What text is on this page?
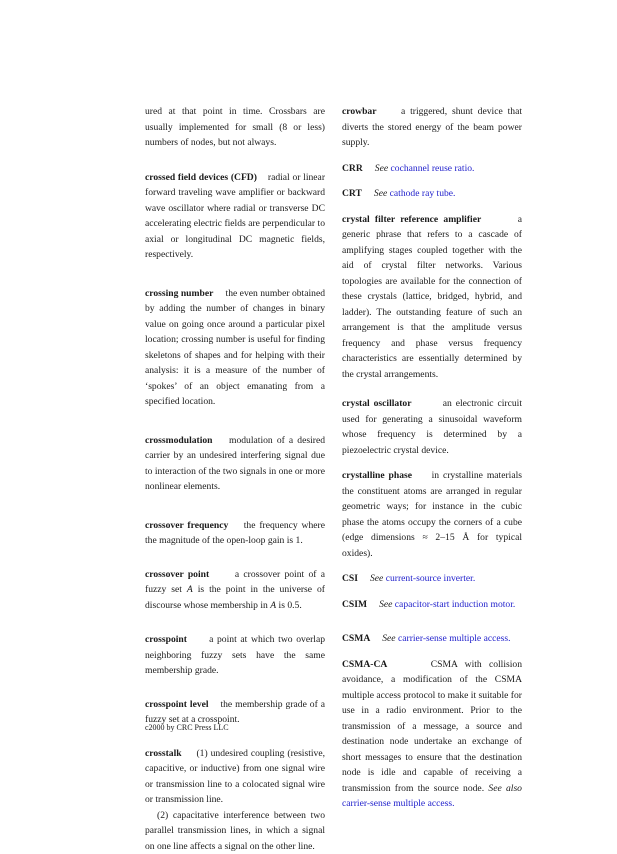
ured at that point in time. Crossbars are usually implemented for small (8 or less) numbers of nodes, but not always.

crossed field devices (CFD) radial or linear forward traveling wave amplifier or backward wave oscillator where radial or transverse DC accelerating electric fields are perpendicular to axial or longitudinal DC magnetic fields, respectively.

crossing number the even number obtained by adding the number of changes in binary value on going once around a particular pixel location; crossing number is useful for finding skeletons of shapes and for helping with their analysis: it is a measure of the number of ‘spokes’ of an object emanating from a specified location.

crossmodulation modulation of a desired carrier by an undesired interfering signal due to interaction of the two signals in one or more nonlinear elements.

crossover frequency the frequency where the magnitude of the open-loop gain is 1.

crossover point	a crossover point of a fuzzy set A is the point in the universe of discourse whose membership in A is 0.5.

crosspoint a point at which two overlap neighboring fuzzy sets have the same membership grade.

crosspoint level the membership grade of a fuzzy set at a crosspoint.

crosstalk (1) undesired coupling (resistive, capacitive, or inductive) from one signal wire or transmission line to a colocated signal wire or transmission line.

(2) capacitative interference between two parallel transmission lines, in which a signal on one line affects a signal on the other line.

crowbar	a triggered, shunt device that diverts the stored energy of the beam power supply.

CRR See cochannel reuse ratio.

CRT See cathode ray tube.

crystal filter reference amplifier	a generic phrase that refers to a cascade of amplifying stages coupled together with the aid of crystal filter networks. Various topologies are available for the connection of these crystals (lattice, bridged, hybrid, and ladder). The outstanding feature of such an arrangement is that the amplitude versus frequency and phase versus frequency characteristics are essentially determined by the crystal arrangements.

crystal oscillator	an electronic circuit used for generating a sinusoidal waveform whose frequency is determined by a piezoelectric crystal device.

crystalline phase in crystalline materials the constituent atoms are arranged in regular geometric ways; for instance in the cubic phase the atoms occupy the corners of a cube (edge dimensions ≈ 2–15 Å for typical oxides).

CSI See current-source inverter.

CSIM See capacitor-start induction motor.

CSMA See carrier-sense multiple access.

CSMA-CA	CSMA with collision avoidance, a modification of the CSMA multiple access protocol to make it suitable for use in a radio environment. Prior to the transmission of a message, a source and destination node undertake an exchange of short messages to ensure that the destination node is idle and capable of receiving a transmission from the source node. See also carrier-sense multiple access.

c2000 by CRC Press LLC
